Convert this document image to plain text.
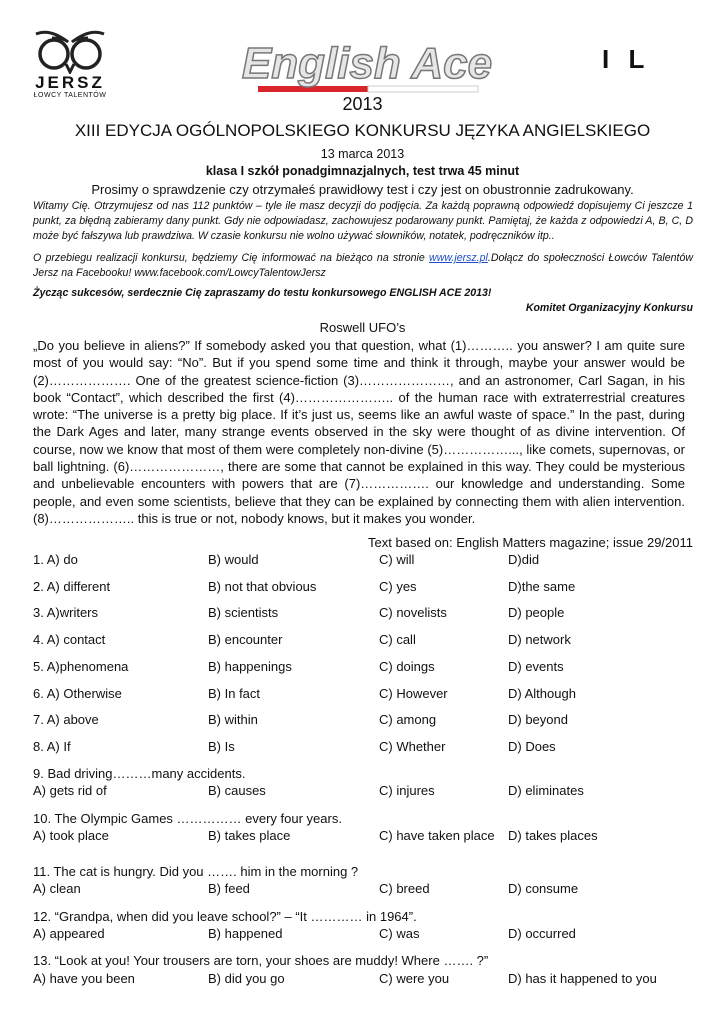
JERSZ
ŁOWCY TALENTÓW
English Ace	I L
2013
XIII EDYCJA OGÓLNOPOLSKIEGO KONKURSU JĘZYKA ANGIELSKIEGO
13 marca 2013
klasa I szkół ponadgimnazjalnych, test trwa 45 minut
Prosimy o sprawdzenie czy otrzymałeś prawidłowy test i czy jest on obustronnie zadrukowany.
Witamy Cię. Otrzymujesz od nas 112 punktów – tyle ile masz decyzji do podjęcia. Za każdą poprawną odpowiedź dopisujemy Ci jeszcze 1 punkt, za błędną zabieramy dany punkt. Gdy nie odpowiadasz, zachowujesz podarowany punkt. Pamiętaj, że każda z odpowiedzi A, B, C, D może być fałszywa lub prawdziwa. W czasie konkursu nie wolno używać słowników, notatek, podręczników itp..
O przebiegu realizacji konkursu, będziemy Cię informować na bieżąco na stronie www.jersz.pl.Dołącz do społeczności Łowców Talentów Jersz na Facebooku! www.facebook.com/LowcyTalentowJersz
Życząc sukcesów, serdecznie Cię zapraszamy do testu konkursowego ENGLISH ACE 2013!
Komitet Organizacyjny Konkursu
Roswell UFO’s

„Do you believe in aliens?” If somebody asked you that question, what (1)……….. you answer? I am quite sure most of you would say: “No”. But if you spend some time and think it through, maybe your answer would be (2)………………. One of the greatest science-fiction (3)…………………, and an astronomer, Carl Sagan, in his book “Contact”, which described the first (4)………………….. of the human race with extraterrestrial creatures wrote: “The universe is a pretty big place. If it’s just us, seems like an awful waste of space.” In the past, during the Dark Ages and later, many strange events observed in the sky were thought of as divine intervention. Of course, now we know that most of them were completely non-divine (5)……………..., like comets, supernovas, or ball lightning. (6)…………………, there are some that cannot be explained in this way. They could be mysterious and unbelievable encounters with powers that are (7)……………. our knowledge and understanding. Some people, and even some scientists, believe that they can be explained by connecting them with alien intervention. (8)……………….. this is true or not, nobody knows, but it makes you wonder.

Text based on: English Matters magazine; issue 29/2011
1. A) do	B) would	C) will	D)did
2. A) different	B) not that obvious	C) yes	D)the same
3. A)writers	B) scientists	C) novelists	D) people
4. A) contact	B) encounter	C) call	D) network
5. A)phenomena	B) happenings	C) doings	D) events
6. A) Otherwise	B) In fact	C) However	D) Although
7. A) above	B) within	C) among	D) beyond
8. A) If	B) Is	C) Whether	D) Does
9. Bad driving………many accidents.
A) gets rid of	B) causes	C) injures	D) eliminates
10. The Olympic Games …………… every four years.
A) took place	B) takes place	C) have taken place D) takes places
11. The cat is hungry. Did you ……. him in the morning ?
A) clean	B) feed	C) breed	D) consume
12. “Grandpa, when did you leave school?” – “It ………… in 1964”.
A) appeared	B) happened	C) was	D) occurred
13. “Look at you! Your trousers are torn, your shoes are muddy! Where ……. ?”
A) have you been	B) did you go	C) were you	D) has it happened to you
